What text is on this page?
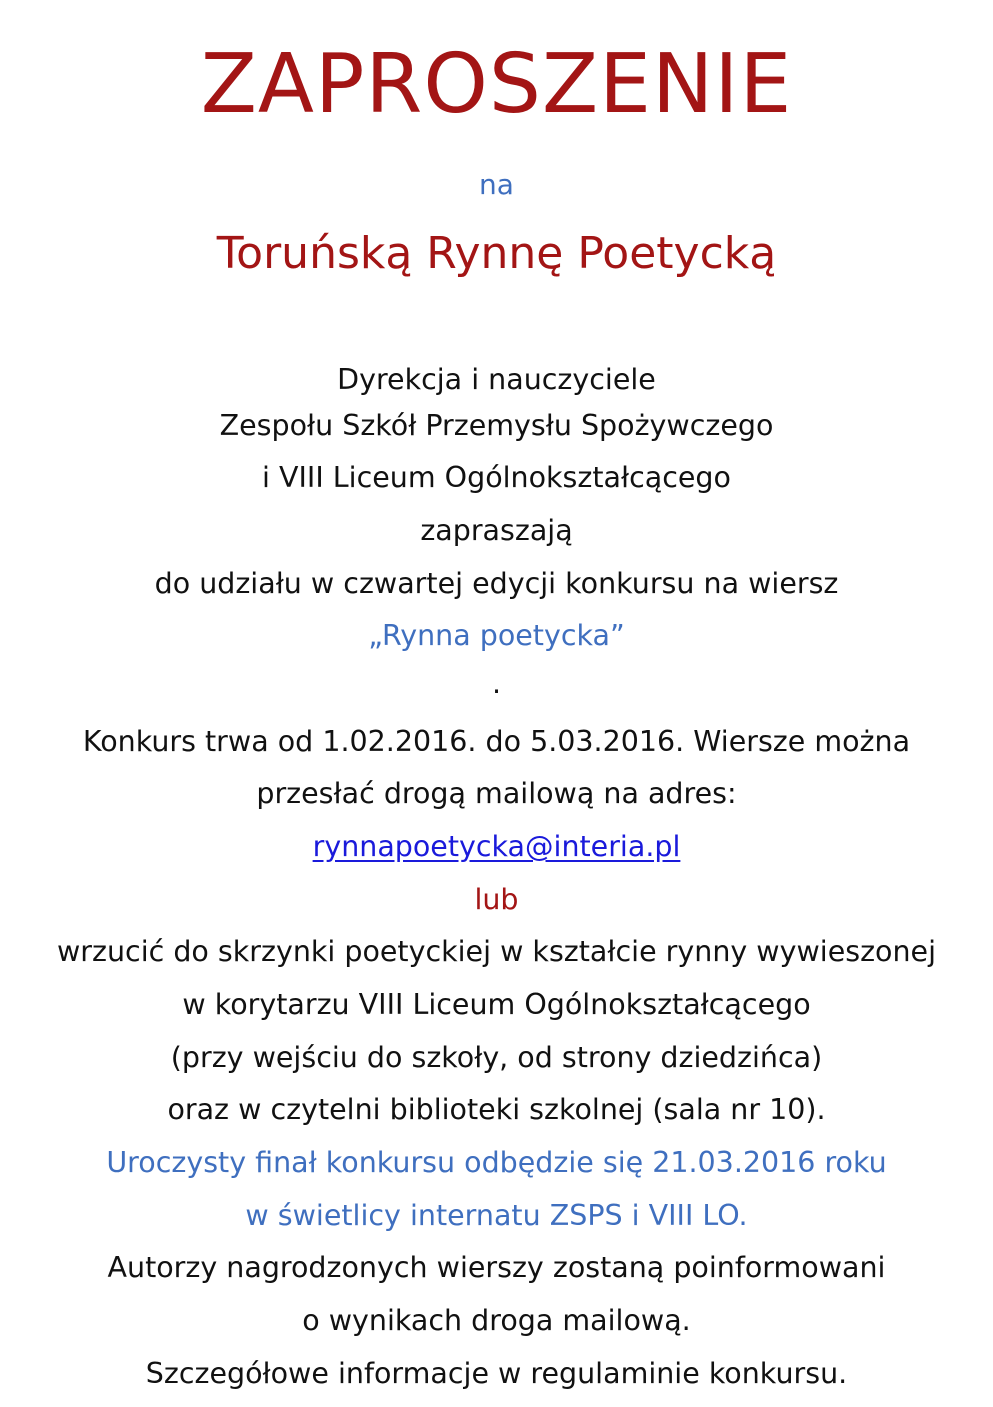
ZAPROSZENIE
na
Toruńską Rynnę Poetycką
Dyrekcja i nauczyciele
Zespołu Szkół Przemysłu Spożywczego
i VIII Liceum Ogólnokształcącego
zapraszają
do udziału w czwartej edycji konkursu na wiersz
„Rynna poetycka”
.
Konkurs trwa od 1.02.2016. do 5.03.2016. Wiersze można
przesłać drogą mailową na adres:
rynnapoetycka@interia.pl
lub
wrzucić do skrzynki poetyckiej w kształcie rynny wywieszonej
w korytarzu VIII Liceum Ogólnokształcącego
(przy wejściu do szkoły, od strony dziedzińca)
oraz w czytelni biblioteki szkolnej (sala nr 10).
Uroczysty finał konkursu odbędzie się 21.03.2016 roku
w świetlicy internatu ZSPS i VIII LO.
Autorzy nagrodzonych wierszy zostaną poinformowani
o wynikach droga mailową.
Szczegółowe informacje w regulaminie konkursu.
